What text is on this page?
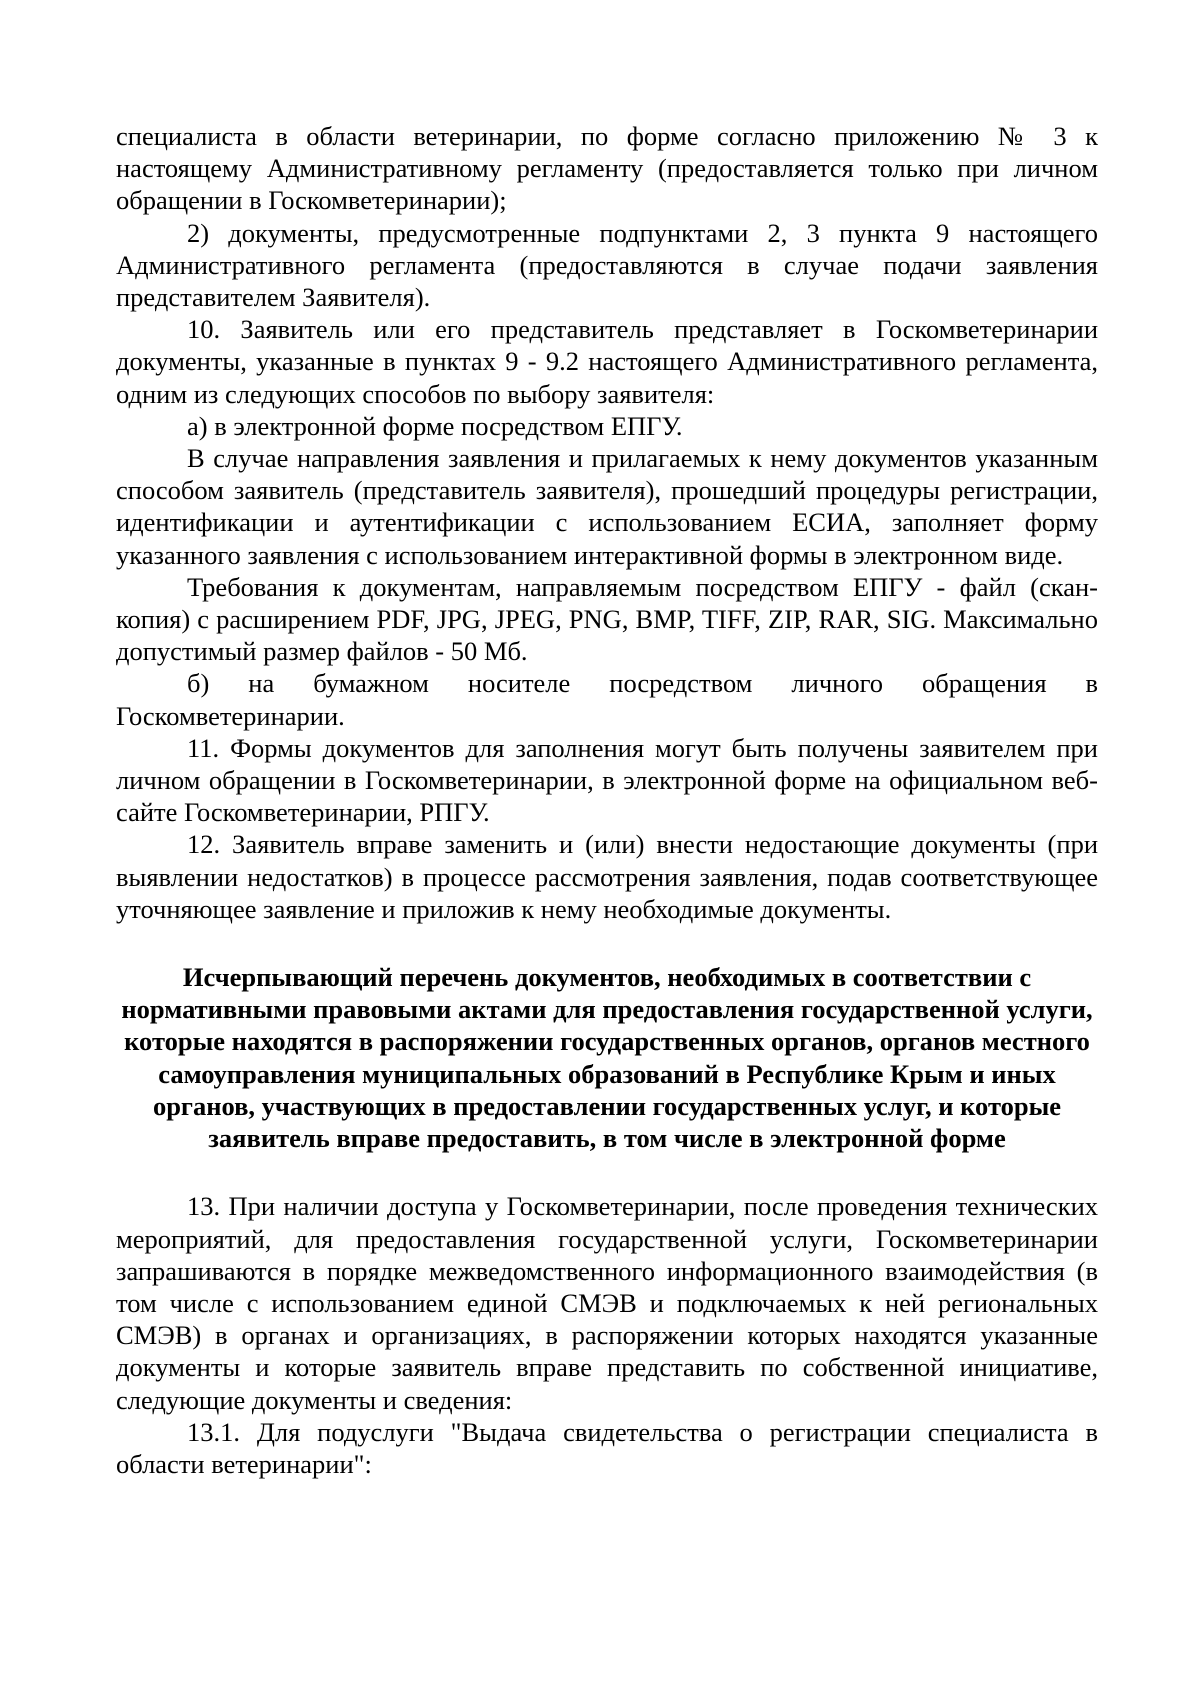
специалиста в области ветеринарии, по форме согласно приложению № 3 к настоящему Административному регламенту (предоставляется только при личном обращении в Госкомветеринарии);

2) документы, предусмотренные подпунктами 2, 3 пункта 9 настоящего Административного регламента (предоставляются в случае подачи заявления представителем Заявителя).

10. Заявитель или его представитель представляет в Госкомветеринарии документы, указанные в пунктах 9 - 9.2 настоящего Административного регламента, одним из следующих способов по выбору заявителя:

а) в электронной форме посредством ЕПГУ.

В случае направления заявления и прилагаемых к нему документов указанным способом заявитель (представитель заявителя), прошедший процедуры регистрации, идентификации и аутентификации с использованием ЕСИА, заполняет форму указанного заявления с использованием интерактивной формы в электронном виде.

Требования к документам, направляемым посредством ЕПГУ - файл (скан-копия) с расширением PDF, JPG, JPEG, PNG, BMP, TIFF, ZIP, RAR, SIG. Максимально допустимый размер файлов - 50 Мб.

б) на бумажном носителе посредством личного обращения в Госкомветеринарии.

11. Формы документов для заполнения могут быть получены заявителем при личном обращении в Госкомветеринарии, в электронной форме на официальном веб-сайте Госкомветеринарии, РПГУ.

12. Заявитель вправе заменить и (или) внести недостающие документы (при выявлении недостатков) в процессе рассмотрения заявления, подав соответствующее уточняющее заявление и приложив к нему необходимые документы.

Исчерпывающий перечень документов, необходимых в соответствии с нормативными правовыми актами для предоставления государственной услуги, которые находятся в распоряжении государственных органов, органов местного самоуправления муниципальных образований в Республике Крым и иных органов, участвующих в предоставлении государственных услуг, и которые заявитель вправе предоставить, в том числе в электронной форме

13. При наличии доступа у Госкомветеринарии, после проведения технических мероприятий, для предоставления государственной услуги, Госкомветеринарии запрашиваются в порядке межведомственного информационного взаимодействия (в том числе с использованием единой СМЭВ и подключаемых к ней региональных СМЭВ) в органах и организациях, в распоряжении которых находятся указанные документы и которые заявитель вправе представить по собственной инициативе, следующие документы и сведения:

13.1. Для подуслуги "Выдача свидетельства о регистрации специалиста в области ветеринарии":
